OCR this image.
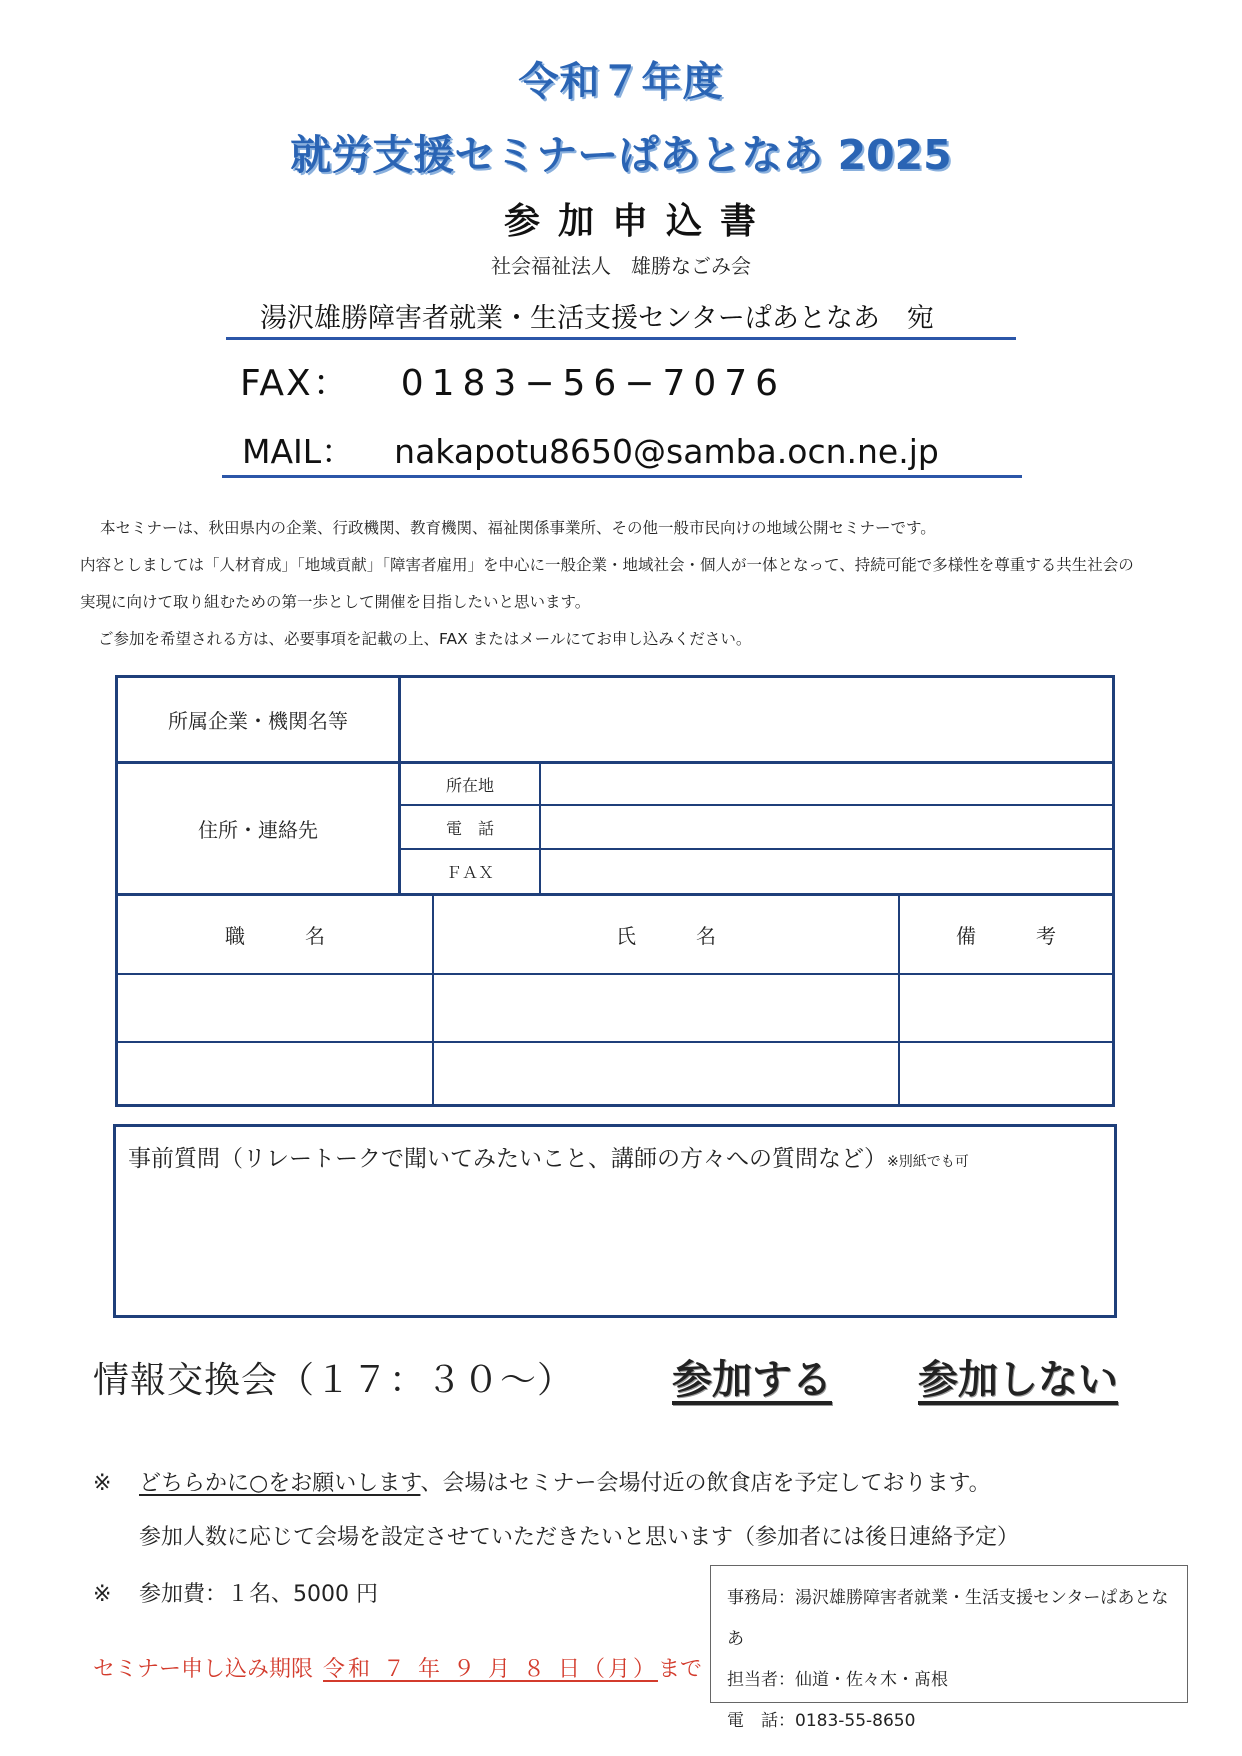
令和７年度
就労支援セミナーぱあとなあ 2025
参加申込書
社会福祉法人　雄勝なごみ会
湯沢雄勝障害者就業・生活支援センターぱあとなあ　宛
FAX： 0183−56−7076
MAIL： nakapotu8650@samba.ocn.ne.jp
本セミナーは、秋田県内の企業、行政機関、教育機関、福祉関係事業所、その他一般市民向けの地域公開セミナーです。
内容としましては「人材育成」「地域貢献」「障害者雇用」を中心に一般企業・地域社会・個人が一体となって、持続可能で多様性を尊重する共生社会の
実現に向けて取り組むための第一歩として開催を目指したいと思います。
ご参加を希望される方は、必要事項を記載の上、FAX またはメールにてお申し込みください。
所属企業・機関名等
住所・連絡先
所在地
電　話
ＦＡＸ
職　　　名	氏　　　名	備　　　考
事前質問（リレートークで聞いてみたいこと、講師の方々への質問など）※別紙でも可
情報交換会（１７：３０〜） 参加する 参加しない
※ どちらかに○をお願いします、会場はセミナー会場付近の飲食店を予定しております。
参加人数に応じて会場を設定させていただきたいと思います（参加者には後日連絡予定）
※ 参加費：１名、5000 円
セミナー申し込み期限 令和 ７ 年 ９ 月 ８ 日（月）まで
事務局：湯沢雄勝障害者就業・生活支援センターぱあとなあ
担当者：仙道・佐々木・髙根
電　話：0183-55-8650
